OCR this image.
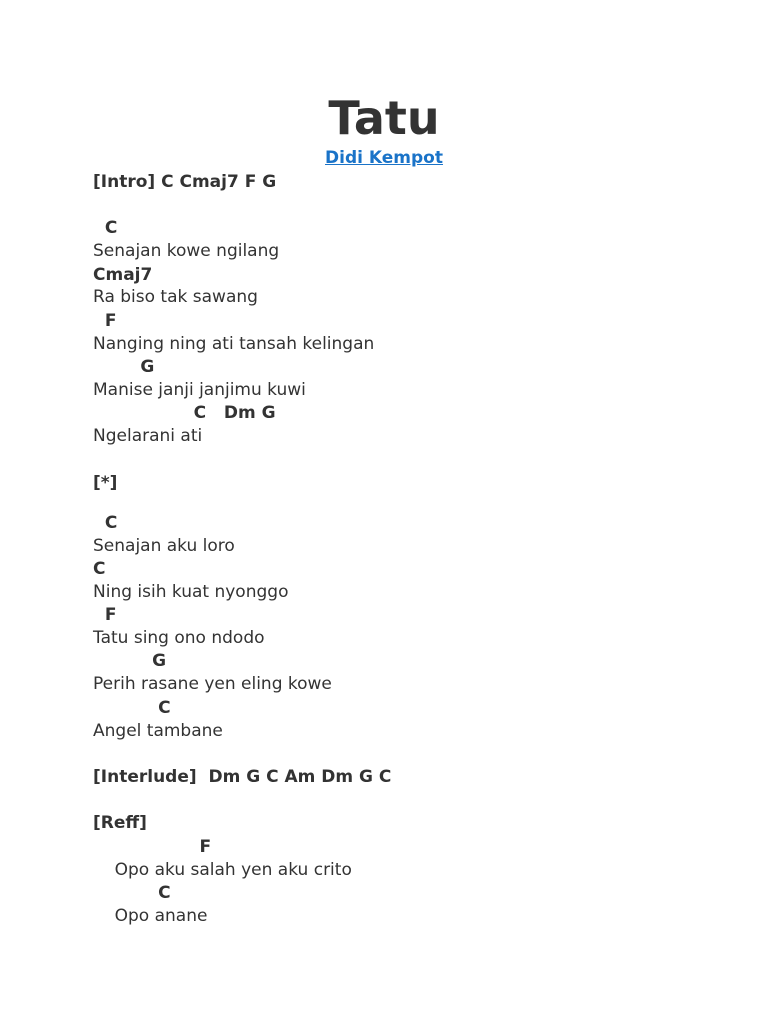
Tatu
Didi Kempot
[Intro] C Cmaj7 F G
C
Senajan kowe ngilang
Cmaj7
Ra biso tak sawang
F
Nanging ning ati tansah kelingan
G
Manise janji janjimu kuwi
C   Dm G
Ngelarani ati
[*]
C
Senajan aku loro
C
Ning isih kuat nyonggo
F
Tatu sing ono ndodo
G
Perih rasane yen eling kowe
C
Angel tambane
[Interlude]  Dm G C Am Dm G C
[Reff]
F
Opo aku salah yen aku crito
C
Opo anane
